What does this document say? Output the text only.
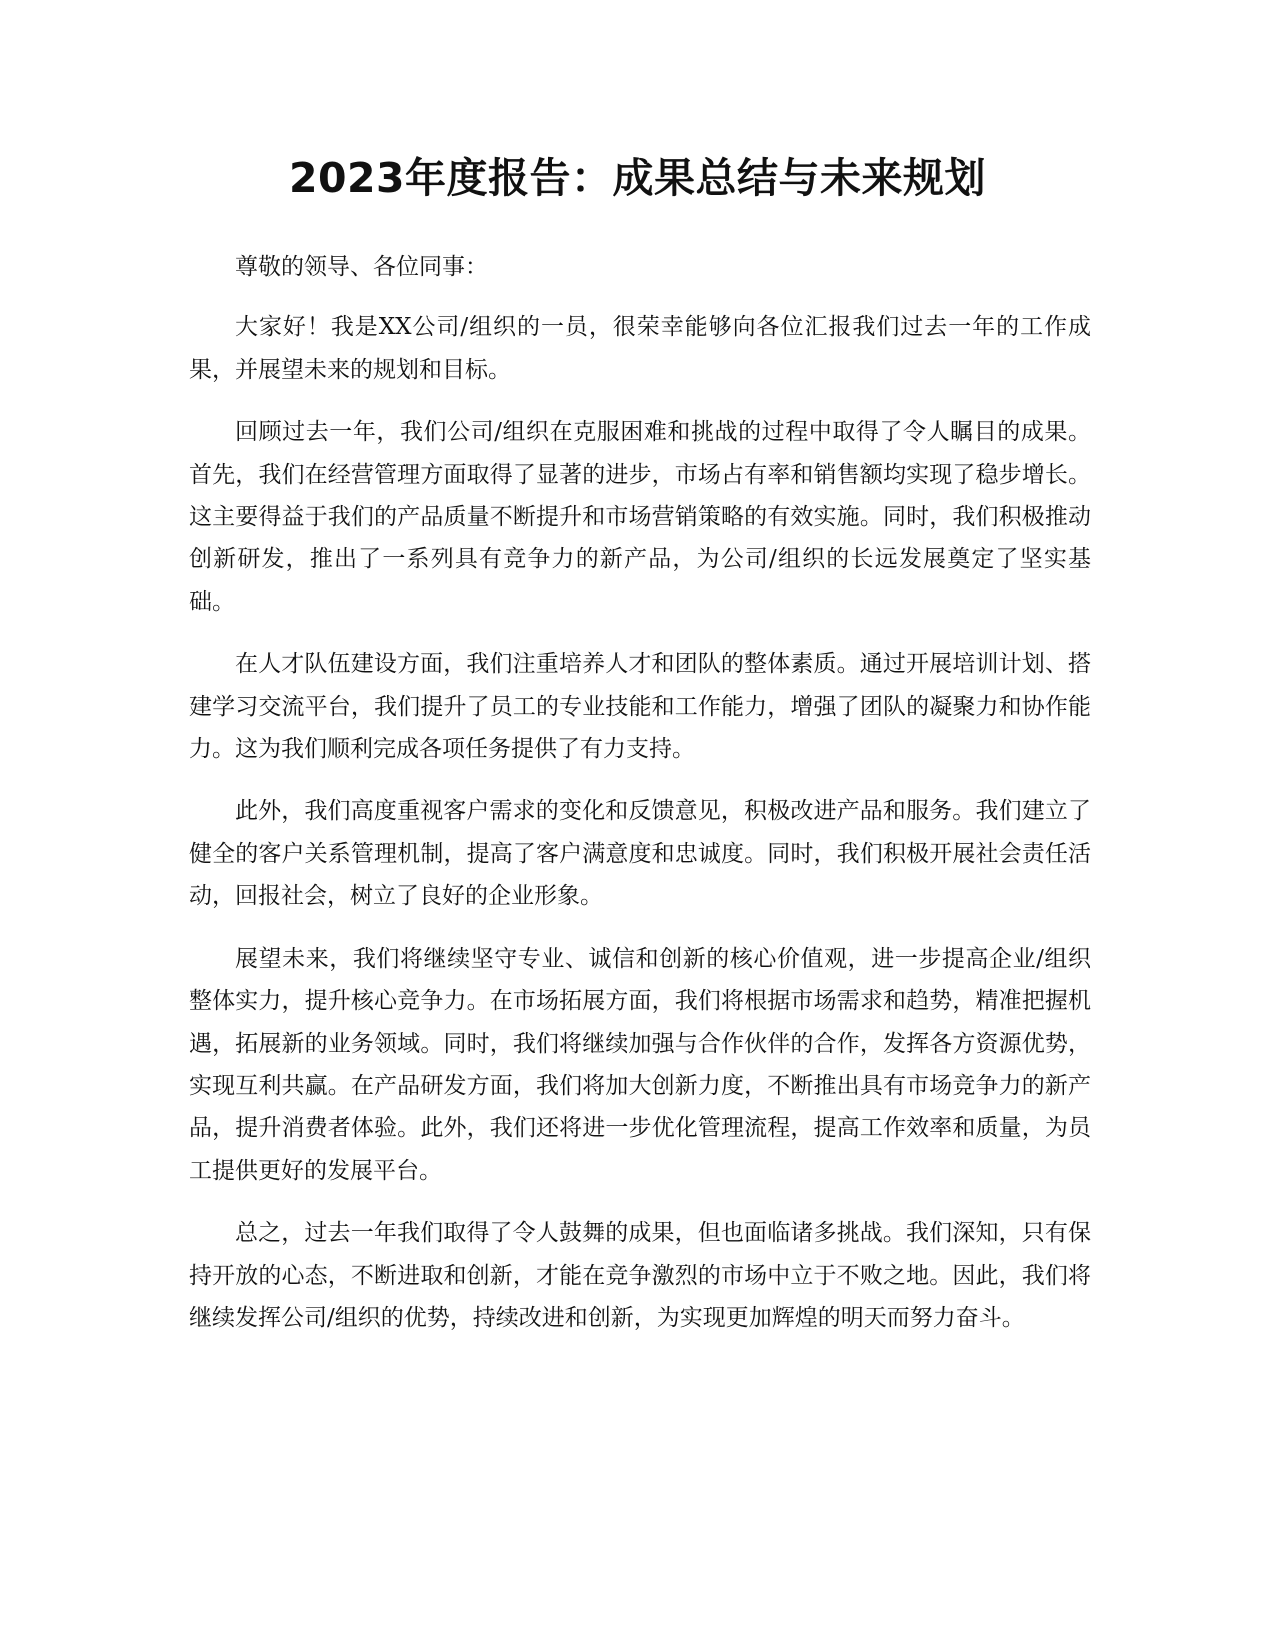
2023年度报告：成果总结与未来规划

尊敬的领导、各位同事：

大家好！我是XX公司/组织的一员，很荣幸能够向各位汇报我们过去一年的工作成果，并展望未来的规划和目标。

回顾过去一年，我们公司/组织在克服困难和挑战的过程中取得了令人瞩目的成果。首先，我们在经营管理方面取得了显著的进步，市场占有率和销售额均实现了稳步增长。这主要得益于我们的产品质量不断提升和市场营销策略的有效实施。同时，我们积极推动创新研发，推出了一系列具有竞争力的新产品，为公司/组织的长远发展奠定了坚实基础。

在人才队伍建设方面，我们注重培养人才和团队的整体素质。通过开展培训计划、搭建学习交流平台，我们提升了员工的专业技能和工作能力，增强了团队的凝聚力和协作能力。这为我们顺利完成各项任务提供了有力支持。

此外，我们高度重视客户需求的变化和反馈意见，积极改进产品和服务。我们建立了健全的客户关系管理机制，提高了客户满意度和忠诚度。同时，我们积极开展社会责任活动，回报社会，树立了良好的企业形象。

展望未来，我们将继续坚守专业、诚信和创新的核心价值观，进一步提高企业/组织整体实力，提升核心竞争力。在市场拓展方面，我们将根据市场需求和趋势，精准把握机遇，拓展新的业务领域。同时，我们将继续加强与合作伙伴的合作，发挥各方资源优势，实现互利共赢。在产品研发方面，我们将加大创新力度，不断推出具有市场竞争力的新产品，提升消费者体验。此外，我们还将进一步优化管理流程，提高工作效率和质量，为员工提供更好的发展平台。

总之，过去一年我们取得了令人鼓舞的成果，但也面临诸多挑战。我们深知，只有保持开放的心态，不断进取和创新，才能在竞争激烈的市场中立于不败之地。因此，我们将继续发挥公司/组织的优势，持续改进和创新，为实现更加辉煌的明天而努力奋斗。
